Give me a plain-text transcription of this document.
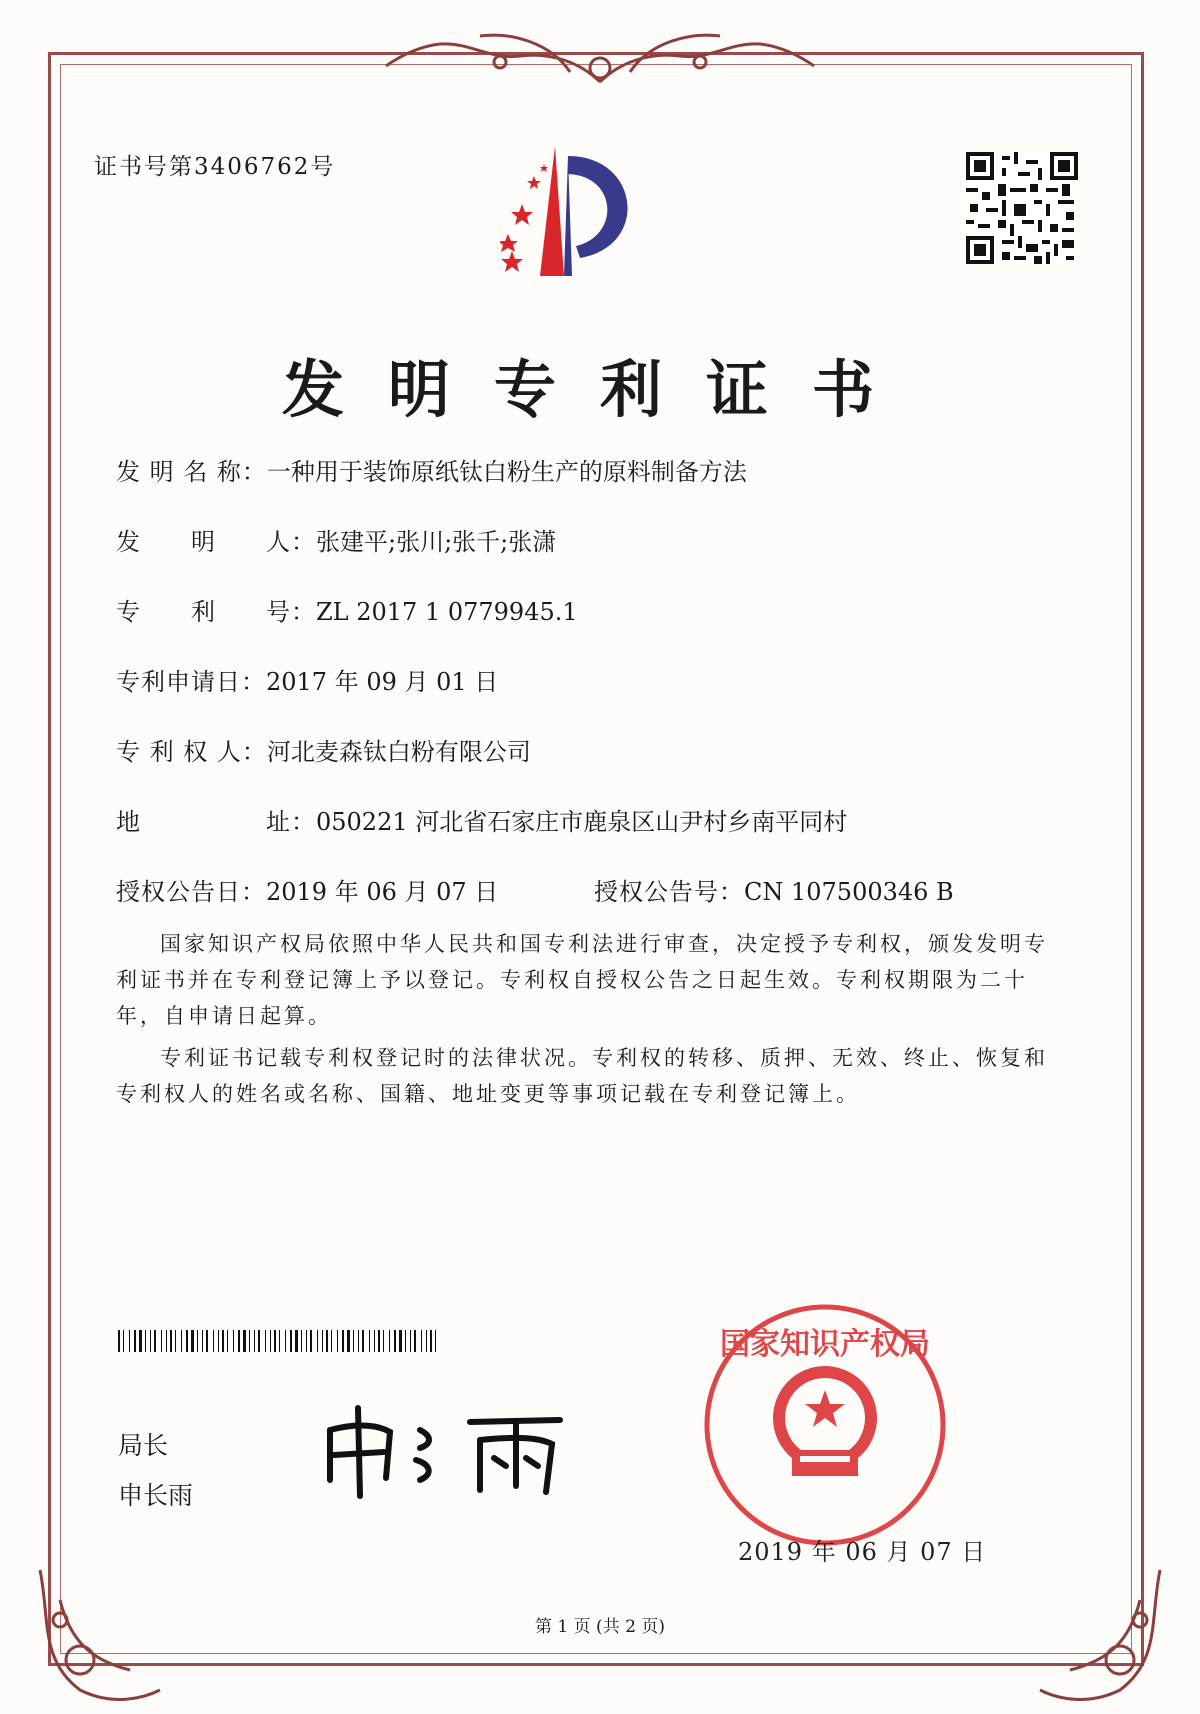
证书号第3406762号
发明专利证书
发 明 名 称：一种用于装饰原纸钛白粉生产的原料制备方法
发　　明　　人：张建平;张川;张千;张潇
专　　利　　号：ZL 2017 1 0779945.1
专利申请日：2017 年 09 月 01 日
专 利 权 人：河北麦森钛白粉有限公司
地　　　　　址：050221 河北省石家庄市鹿泉区山尹村乡南平同村
授权公告日：2019 年 06 月 07 日	授权公告号：CN 107500346 B
国家知识产权局依照中华人民共和国专利法进行审查，决定授予专利权，颁发发明专利证书并在专利登记簿上予以登记。专利权自授权公告之日起生效。专利权期限为二十年，自申请日起算。
专利证书记载专利权登记时的法律状况。专利权的转移、质押、无效、终止、恢复和专利权人的姓名或名称、国籍、地址变更等事项记载在专利登记簿上。
局长
申长雨
国家知识产权局
2019 年 06 月 07 日
第 1 页 (共 2 页)
